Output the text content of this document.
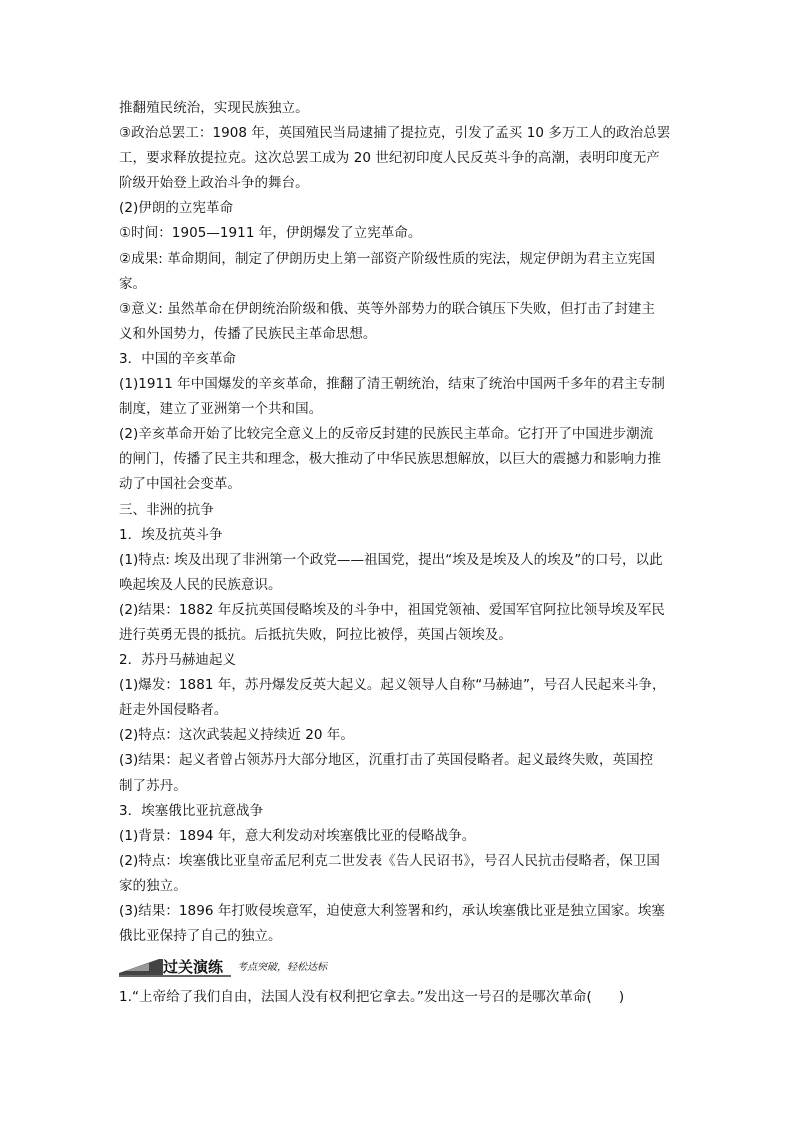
推翻殖民统治，实现民族独立。
③政治总罢工：1908 年，英国殖民当局逮捕了提拉克，引发了孟买 10 多万工人的政治总罢
工，要求释放提拉克。这次总罢工成为 20 世纪初印度人民反英斗争的高潮，表明印度无产
阶级开始登上政治斗争的舞台。
(2)伊朗的立宪革命
①时间：1905—1911 年，伊朗爆发了立宪革命。
②成果: 革命期间，制定了伊朗历史上第一部资产阶级性质的宪法，规定伊朗为君主立宪国
家。
③意义: 虽然革命在伊朗统治阶级和俄、英等外部势力的联合镇压下失败，但打击了封建主
义和外国势力，传播了民族民主革命思想。
3．中国的辛亥革命
(1)1911 年中国爆发的辛亥革命，推翻了清王朝统治，结束了统治中国两千多年的君主专制
制度，建立了亚洲第一个共和国。
(2)辛亥革命开始了比较完全意义上的反帝反封建的民族民主革命。它打开了中国进步潮流
的闸门，传播了民主共和理念，极大推动了中华民族思想解放，以巨大的震撼力和影响力推
动了中国社会变革。
三、非洲的抗争
1．埃及抗英斗争
(1)特点: 埃及出现了非洲第一个政党——祖国党，提出“埃及是埃及人的埃及”的口号，以此
唤起埃及人民的民族意识。
(2)结果：1882 年反抗英国侵略埃及的斗争中，祖国党领袖、爱国军官阿拉比领导埃及军民
进行英勇无畏的抵抗。后抵抗失败，阿拉比被俘，英国占领埃及。
2．苏丹马赫迪起义
(1)爆发：1881 年，苏丹爆发反英大起义。起义领导人自称“马赫迪”，号召人民起来斗争，
赶走外国侵略者。
(2)特点：这次武装起义持续近 20 年。
(3)结果：起义者曾占领苏丹大部分地区，沉重打击了英国侵略者。起义最终失败，英国控
制了苏丹。
3．埃塞俄比亚抗意战争
(1)背景：1894 年，意大利发动对埃塞俄比亚的侵略战争。
(2)特点：埃塞俄比亚皇帝孟尼利克二世发表《告人民诏书》，号召人民抗击侵略者，保卫国
家的独立。
(3)结果：1896 年打败侵埃意军，迫使意大利签署和约，承认埃塞俄比亚是独立国家。埃塞
俄比亚保持了自己的独立。
过关演练 考点突破，轻松达标
1.“上帝给了我们自由，法国人没有权利把它拿去。”发出这一号召的是哪次革命(　　)
